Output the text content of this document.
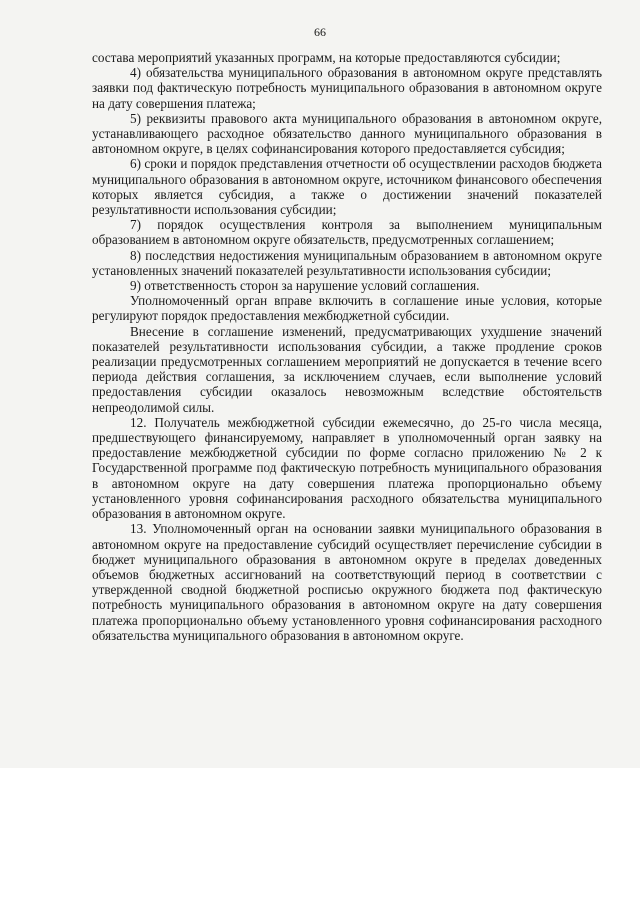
66

состава мероприятий указанных программ, на которые предоставляются субсидии;

4) обязательства муниципального образования в автономном округе представлять заявки под фактическую потребность муниципального образования в автономном округе на дату совершения платежа;

5) реквизиты правового акта муниципального образования в автономном округе, устанавливающего расходное обязательство данного муниципального образования в автономном округе, в целях софинансирования которого предоставляется субсидия;

6) сроки и порядок представления отчетности об осуществлении расходов бюджета муниципального образования в автономном округе, источником финансового обеспечения которых является субсидия, а также о достижении значений показателей результативности использования субсидии;

7) порядок осуществления контроля за выполнением муниципальным образованием в автономном округе обязательств, предусмотренных соглашением;

8) последствия недостижения муниципальным образованием в автономном округе установленных значений показателей результативности использования субсидии;

9) ответственность сторон за нарушение условий соглашения.

Уполномоченный орган вправе включить в соглашение иные условия, которые регулируют порядок предоставления межбюджетной субсидии.

Внесение в соглашение изменений, предусматривающих ухудшение значений показателей результативности использования субсидии, а также продление сроков реализации предусмотренных соглашением мероприятий не допускается в течение всего периода действия соглашения, за исключением случаев, если выполнение условий предоставления субсидии оказалось невозможным вследствие обстоятельств непреодолимой силы.

12. Получатель межбюджетной субсидии ежемесячно, до 25-го числа месяца, предшествующего финансируемому, направляет в уполномоченный орган заявку на предоставление межбюджетной субсидии по форме согласно приложению № 2 к Государственной программе под фактическую потребность муниципального образования в автономном округе на дату совершения платежа пропорционально объему установленного уровня софинансирования расходного обязательства муниципального образования в автономном округе.

13. Уполномоченный орган на основании заявки муниципального образования в автономном округе на предоставление субсидий осуществляет перечисление субсидии в бюджет муниципального образования в автономном округе в пределах доведенных объемов бюджетных ассигнований на соответствующий период в соответствии с утвержденной сводной бюджетной росписью окружного бюджета под фактическую потребность муниципального образования в автономном округе на дату совершения платежа пропорционально объему установленного уровня софинансирования расходного обязательства муниципального образования в автономном округе.
